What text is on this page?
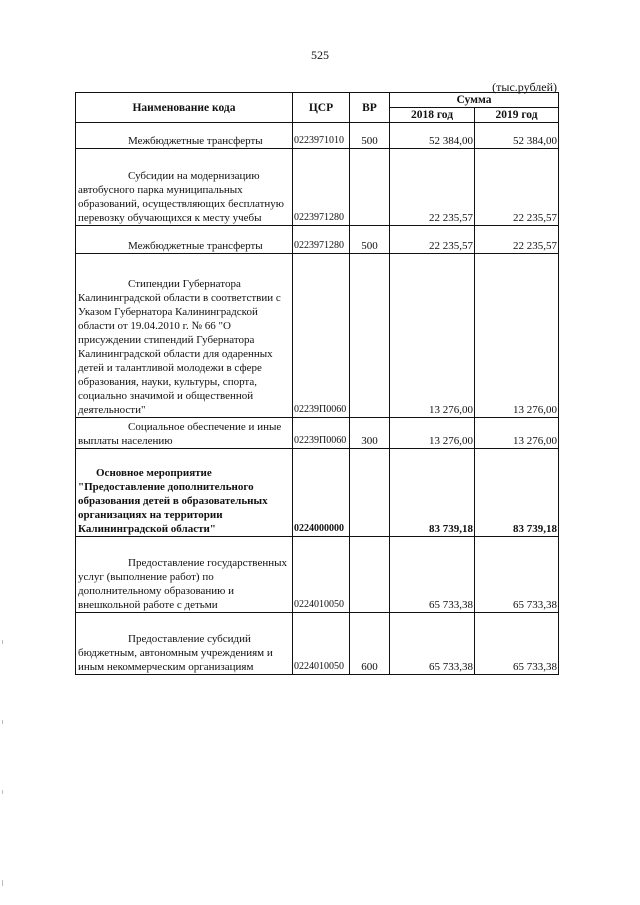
525
(тыс.рублей)
Наименование кода	ЦСР	ВР	Сумма	
			2018 год	2019 год
Межбюджетные трансферты	0223971010	500	52 384,00	52 384,00
Субсидии на модернизацию автобусного парка муниципальных образований, осуществляющих бесплатную перевозку обучающихся к месту учебы	0223971280		22 235,57	22 235,57
Межбюджетные трансферты	0223971280	500	22 235,57	22 235,57
Стипендии Губернатора Калининградской области в соответствии с Указом Губернатора Калининградской области от 19.04.2010 г. № 66 "О присуждении стипендий Губернатора Калининградской области для одаренных детей и талантливой молодежи в сфере образования, науки, культуры, спорта, социально значимой и общественной деятельности"	02239П0060		13 276,00	13 276,00
Социальное обеспечение и иные выплаты населению	02239П0060	300	13 276,00	13 276,00
Основное мероприятие "Предоставление дополнительного образования детей в образовательных организациях на территории Калининградской области"	0224000000		83 739,18	83 739,18
Предоставление государственных услуг (выполнение работ) по дополнительному образованию и внешкольной работе с детьми	0224010050		65 733,38	65 733,38
Предоставление субсидий бюджетным, автономным учреждениям и иным некоммерческим организациям	0224010050	600	65 733,38	65 733,38
